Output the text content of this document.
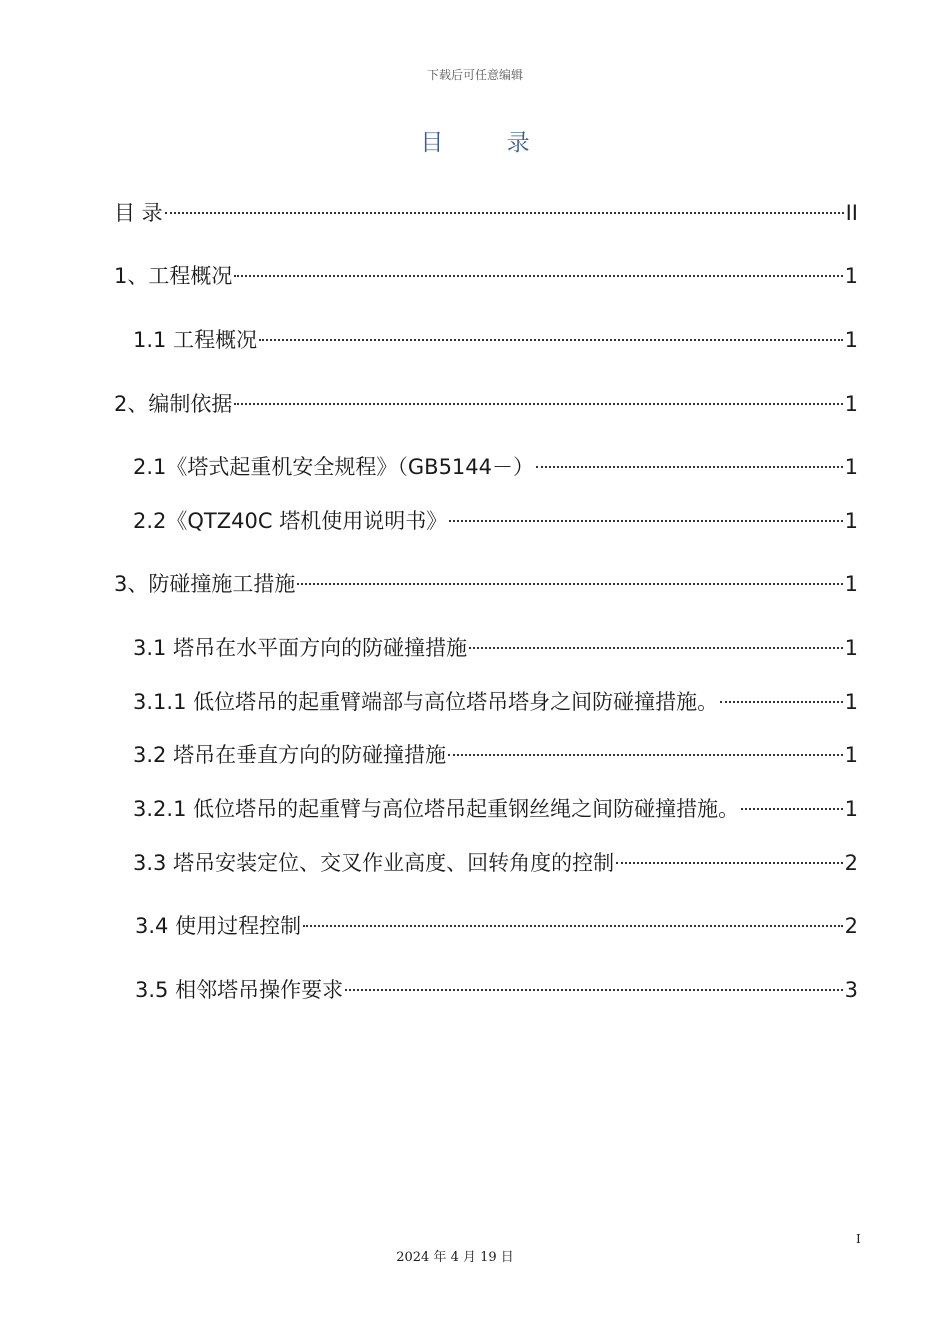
下载后可任意编辑
目 录
目 录	II
1、工程概况	1
1.1 工程概况	1
2、编制依据	1
2.1《塔式起重机安全规程》（GB5144－）	1
2.2《QTZ40C 塔机使用说明书》	1
3、防碰撞施工措施	1
3.1 塔吊在水平面方向的防碰撞措施	1
3.1.1 低位塔吊的起重臂端部与高位塔吊塔身之间防碰撞措施。	1
3.2 塔吊在垂直方向的防碰撞措施	1
3.2.1 低位塔吊的起重臂与高位塔吊起重钢丝绳之间防碰撞措施。	1
3.3 塔吊安装定位、交叉作业高度、回转角度的控制	2
3.4 使用过程控制	2
3.5 相邻塔吊操作要求	3
I
2024 年 4 月 19 日
